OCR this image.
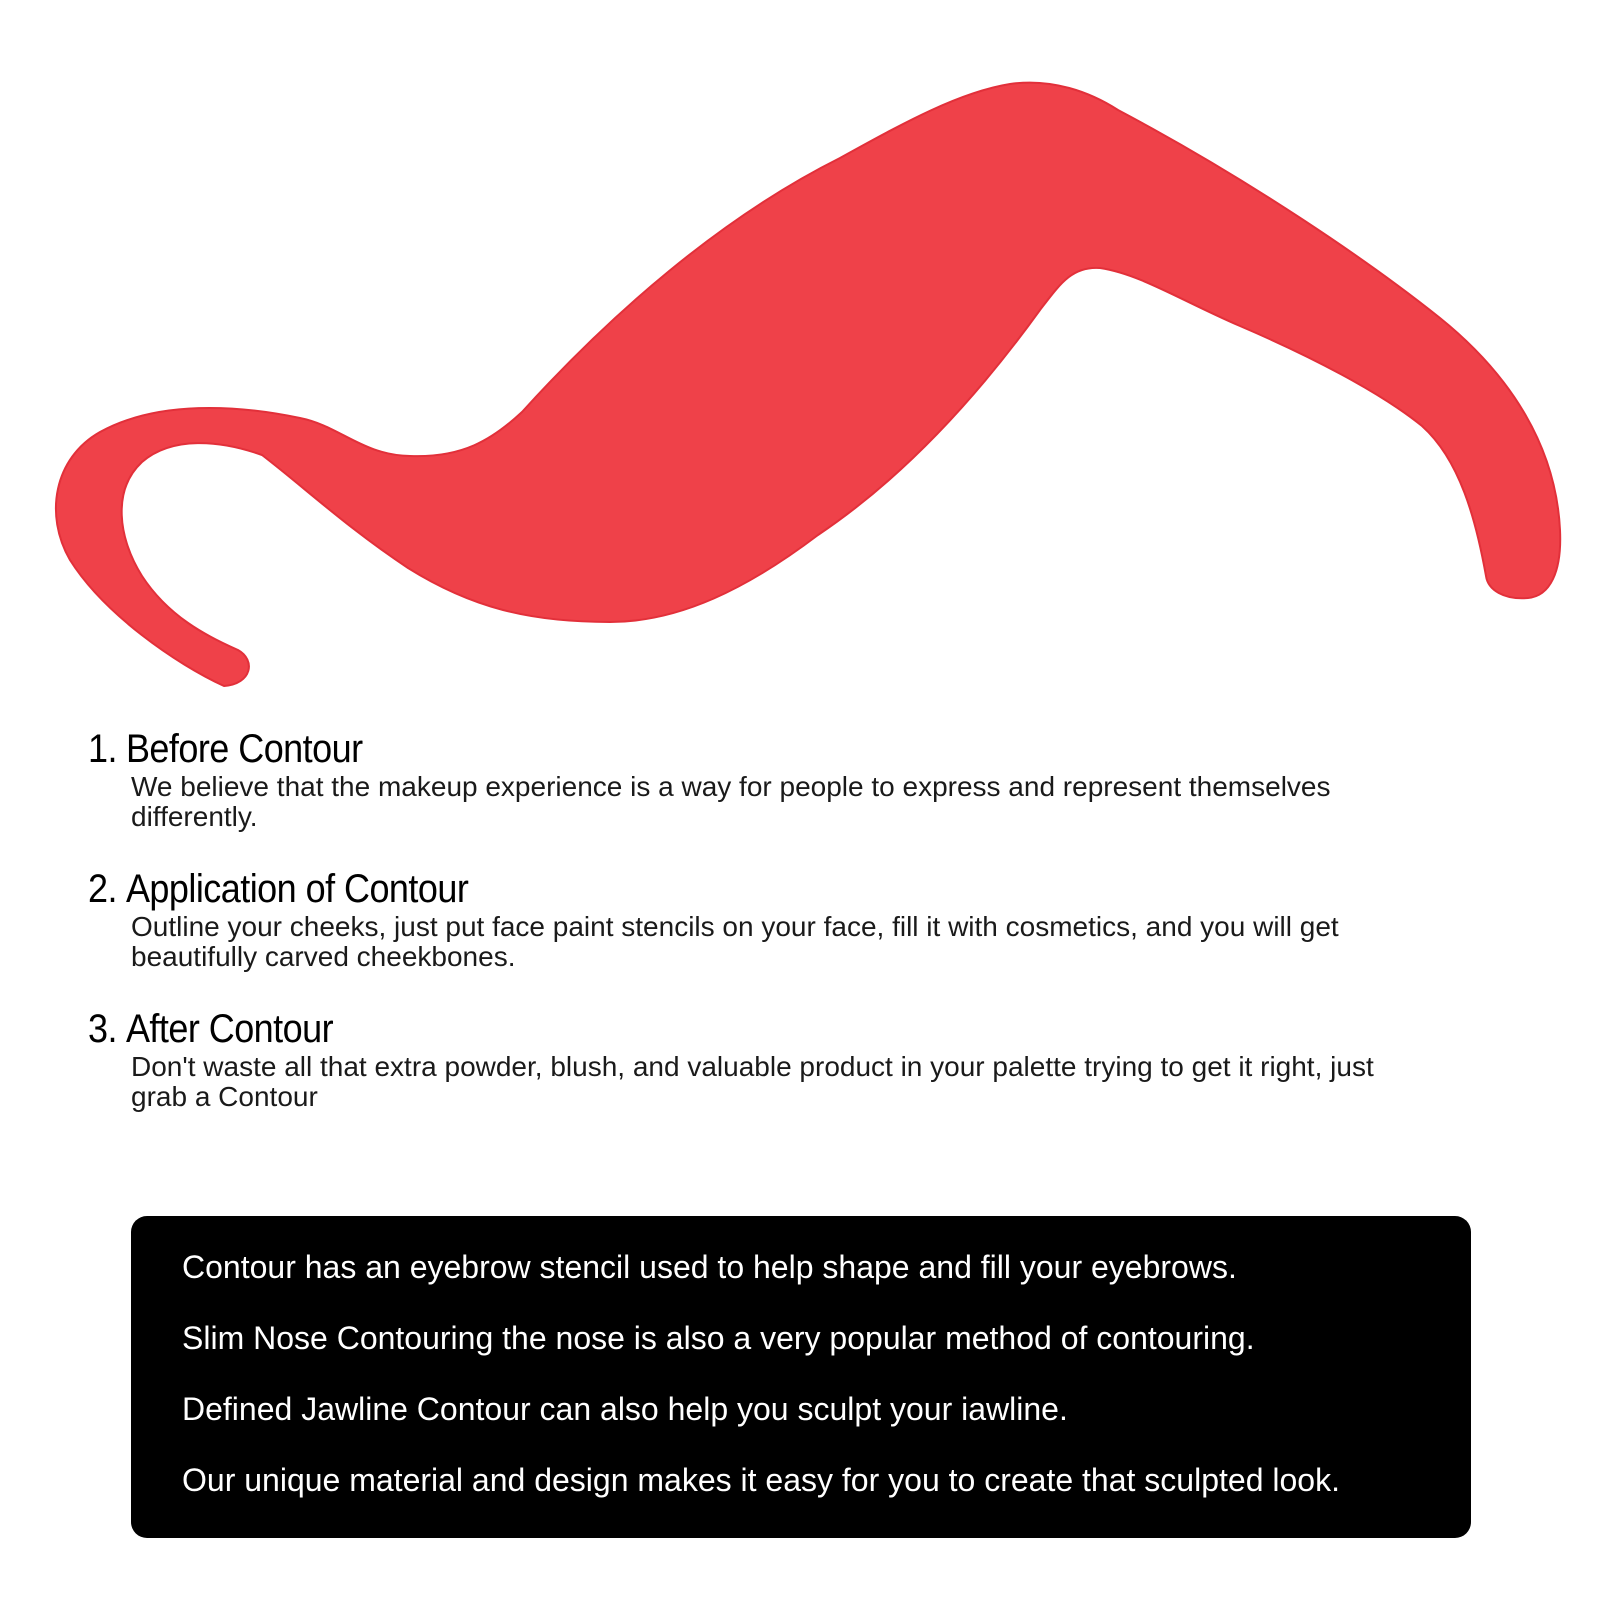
1. Before Contour
We believe that the makeup experience is a way for people to express and represent themselves differently.
2. Application of Contour
Outline your cheeks, just put face paint stencils on your face, fill it with cosmetics, and you will get beautifully carved cheekbones.
3. After Contour
Don't waste all that extra powder, blush, and valuable product in your palette trying to get it right, just grab a Contour
Contour has an eyebrow stencil used to help shape and fill your eyebrows.
Slim Nose Contouring the nose is also a very popular method of contouring.
Defined Jawline Contour can also help you sculpt your iawline.
Our unique material and design makes it easy for you to create that sculpted look.
